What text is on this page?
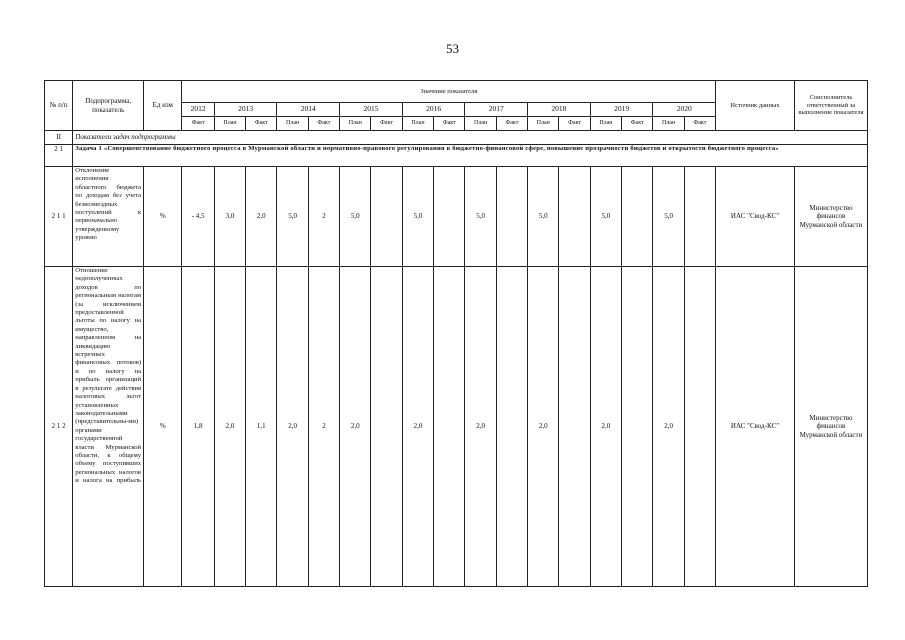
53
№ п/п	Подпрограмма, показатель	Ед изм	Значение показателя																	Источник данных	Соисполнитель ответственный за выполнение показателя
			2012	2013		2014		2015		2016		2017		2018		2019		2020			
			Факт	План	Факт	План	Факт	План	Факт	План	Факт	План	Факт	План	Факт	План	Факт	План	Факт		
II	Показатели задач подпрограммы																				
2 1	Задача 1 «Совершенствование бюджетного процесса в Мурманской области и нормативно-правового регулирования в бюджетно-финансовой сфере, повышение прозрачности бюджетов и открытости бюджетного процесса»																				
2 1 1	Отклонение исполнения областного бюджета по доходам без учета безвозмездных поступлений к первоначально утвержденному уровню	%	- 4,5	3,0	2,0	5,0	2	5,0		5,0		5,0		5,0		5,0		5,0		ИАС "Свод-КС"	Министерство финансов Мурманской области
2 1 2	Отношение недополученных доходов по региональным налогам (за исключением предоставленной льготы по налогу на имущество, направленном на ликвидацию встречных финансовых потоков) и по налогу на прибыль организаций в результате действия налоговых льгот установленных законодательными (представительны-ми) органами государственной власти Мурманской области, к общему объему поступивших региональных налогов и налога на прибыль	%	1,8	2,0	1,1	2,0	2	2,0		2,0		2,0		2,0		2,0		2,0		ИАС "Свод-КС"	Министерство финансов Мурманской области
